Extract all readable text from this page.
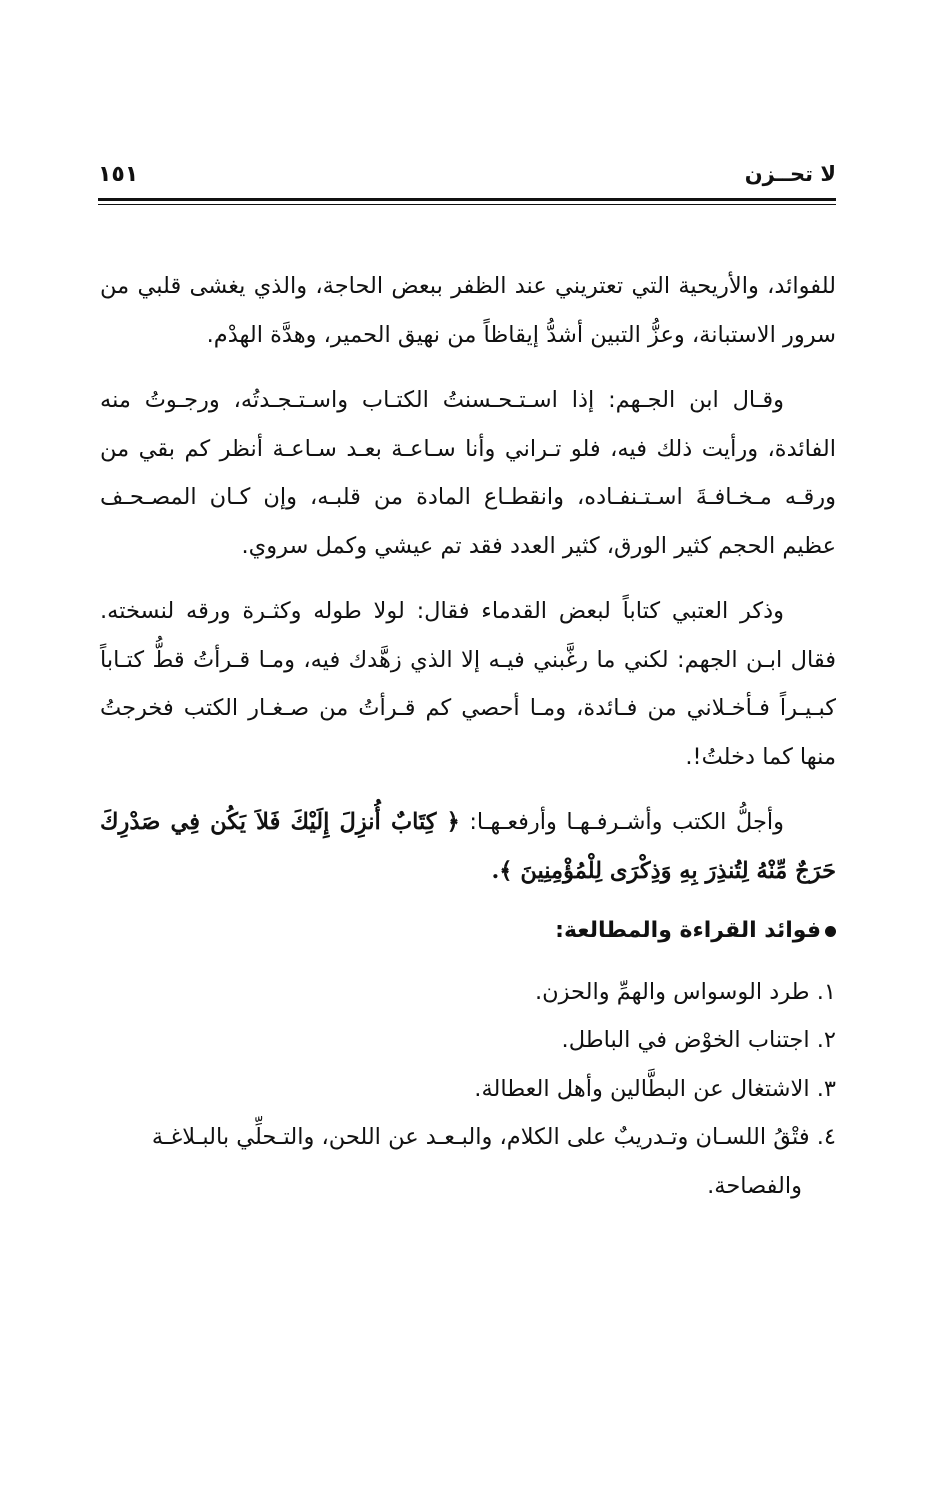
لا تحــزن
١٥١

للفوائد، والأريحية التي تعتريني عند الظفر ببعض الحاجة، والذي يغشى قلبي من سرور الاستبانة، وعزُّ التبين أشدُّ إيقاظاً من نهيق الحمير، وهدَّة الهدْم.

وقـال ابن الجـهم: إذا اسـتـحـسنتُ الكتـاب واسـتـجـدتُه، ورجـوتُ منه الفائدة، ورأيت ذلك فيه، فلو تـراني وأنا سـاعـة بعـد سـاعـة أنظر كم بقي من ورقـه مـخـافـةَ اسـتـنفـاده، وانقطـاع المادة من قلبـه، وإن كـان المصـحـف عظيم الحجم كثير الورق، كثير العدد فقد تم عيشي وكمل سروي.

وذكر العتبي كتاباً لبعض القدماء فقال: لولا طوله وكثـرة ورقه لنسخته. فقال ابـن الجهم: لكني ما رغَّبني فيـه إلا الذي زهَّدك فيه، ومـا قـرأتُ قطُّ كتـاباً كبـيـراً فـأخـلاني من فـائدة، ومـا أحصي كم قـرأتُ من صـغـار الكتب فخرجتُ منها كما دخلتُ!.

وأجلُّ الكتب وأشـرفـهـا وأرفعـهـا: ﴿ كِتَابٌ أُنزِلَ إِلَيْكَ فَلاَ يَكُن فِي صَدْرِكَ حَرَجٌ مِّنْهُ لِتُنذِرَ بِهِ وَذِكْرَى لِلْمُؤْمِنِينَ ﴾.

فوائد القراءة والمطالعة:

١. طرد الوسواس والهمِّ والحزن.

٢. اجتناب الخوْض في الباطل.

٣. الاشتغال عن البطَّالين وأهل العطالة.

٤. فتْقُ اللسـان وتـدريبٌ على الكلام، والبـعـد عن اللحن، والتـحلِّي بالبـلاغـة

والفصاحة.
